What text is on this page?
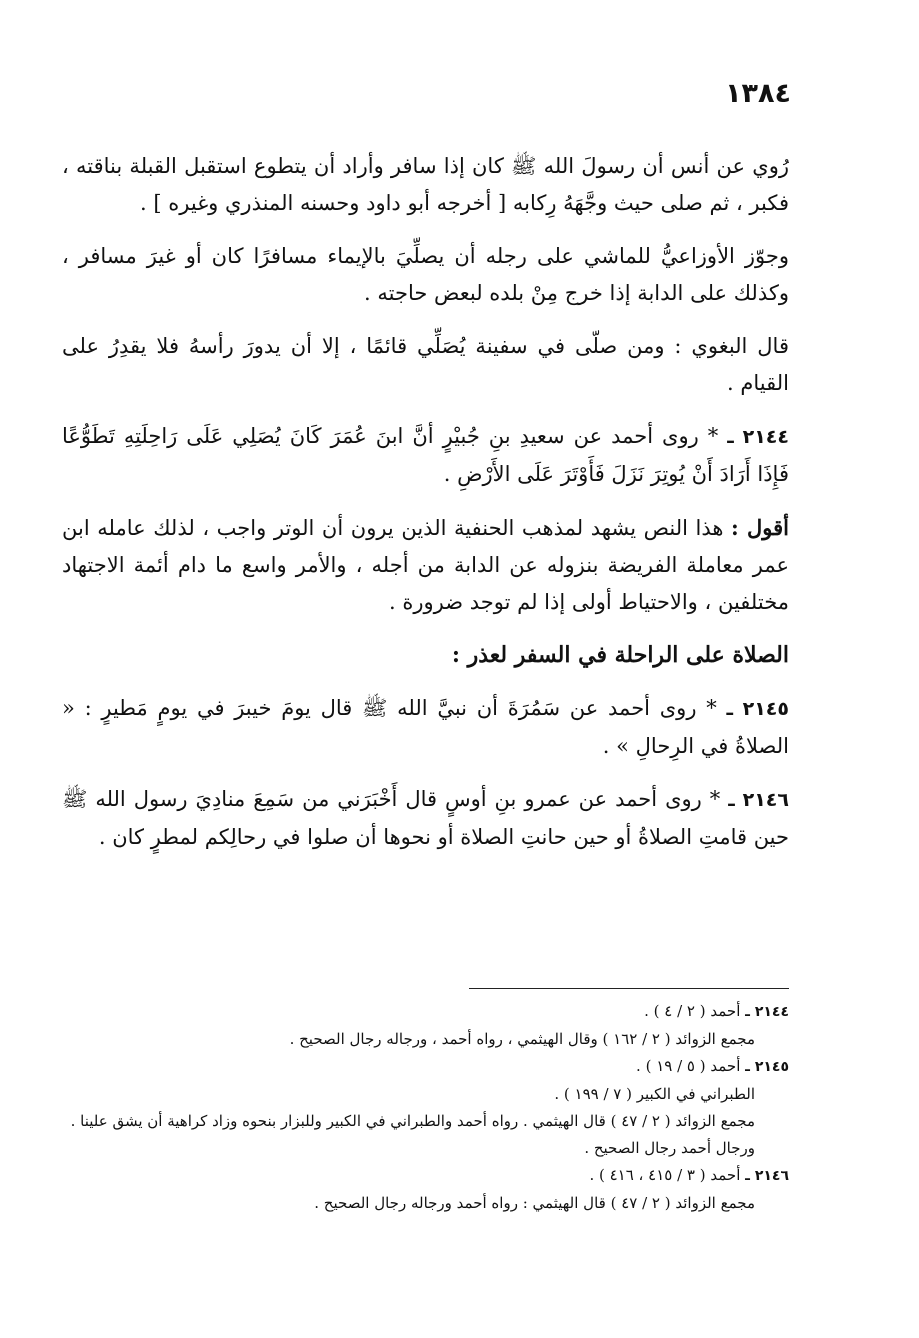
١٣٨٤

رُوي عن أنس أن رسولَ الله ﷺ كان إذا سافر وأراد أن يتطوع استقبل القبلة بناقته ، فكبر ، ثم صلى حيث وجَّهَهُ رِكابه [ أخرجه أبو داود وحسنه المنذري وغيره ] .

وجوّز الأوزاعيُّ للماشي على رجله أن يصلِّيَ بالإيماء مسافرًا كان أو غيرَ مسافر ، وكذلك على الدابة إذا خرج مِنْ بلده لبعض حاجته .

قال البغوي : ومن صلّى في سفينة يُصَلِّي قائمًا ، إلا أن يدورَ رأسهُ فلا يقدِرُ على القيام .

٢١٤٤ ـ * روى أحمد عن سعيدِ بنِ جُبيْرٍ أنَّ ابنَ عُمَرَ كَانَ يُصَلِي عَلَى رَاحِلَتِهِ تَطَوُّعًا فَإِذَا أَرَادَ أَنْ يُوتِرَ نَزَلَ فَأَوْتَرَ عَلَى الأَرْضِ .

أقول : هذا النص يشهد لمذهب الحنفية الذين يرون أن الوتر واجب ، لذلك عامله ابن عمر معاملة الفريضة بنزوله عن الدابة من أجله ، والأمر واسع ما دام أئمة الاجتهاد مختلفين ، والاحتياط أولى إذا لم توجد ضرورة .

الصلاة على الراحلة في السفر لعذر :

٢١٤٥ ـ * روى أحمد عن سَمُرَةَ أن نبيَّ الله ﷺ قال يومَ خيبرَ في يومٍ مَطيرٍ : « الصلاةُ في الرِحالِ » .

٢١٤٦ ـ * روى أحمد عن عمرو بنِ أوسٍ قال أَخْبَرَني من سَمِعَ منادِيَ رسول الله ﷺ حين قامتِ الصلاةُ أو حين حانتِ الصلاة أو نحوها أن صلوا في رحالِكم لمطرٍ كان .

٢١٤٤ ـ أحمد ( ٢ / ٤ ) .

مجمع الزوائد ( ٢ / ١٦٢ ) وقال الهيثمي ، رواه أحمد ، ورجاله رجال الصحيح .

٢١٤٥ ـ أحمد ( ٥ / ١٩ ) .

الطبراني في الكبير ( ٧ / ١٩٩ ) .

مجمع الزوائد ( ٢ / ٤٧ ) قال الهيثمي . رواه أحمد والطبراني في الكبير وللبزار بنحوه وزاد كراهية أن يشق علينا .

ورجال أحمد رجال الصحيح .

٢١٤٦ ـ أحمد ( ٣ / ٤١٥ ، ٤١٦ ) .

مجمع الزوائد ( ٢ / ٤٧ ) قال الهيثمي : رواه أحمد ورجاله رجال الصحيح .
